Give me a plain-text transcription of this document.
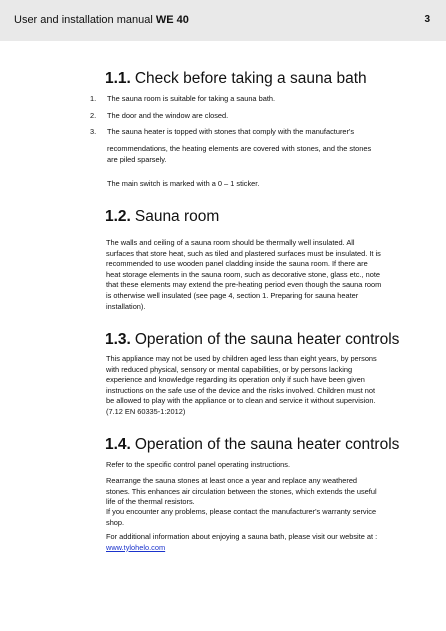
User and installation manual WE 40	3
1.1. Check before taking a sauna bath
1. The sauna room is suitable for taking a sauna bath.
2. The door and the window are closed.
3. The sauna heater is topped with stones that comply with the manufacturer's
recommendations, the heating elements are covered with stones, and the stones
are piled sparsely.
The main switch is marked with a 0 – 1 sticker.
1.2. Sauna room
The walls and ceiling of a sauna room should be thermally well insulated. All
surfaces that store heat, such as tiled and plastered surfaces must be insulated. It is
recommended to use wooden panel cladding inside the sauna room. If there are
heat storage elements in the sauna room, such as decorative stone, glass etc., note
that these elements may extend the pre-heating period even though the sauna room
is otherwise well insulated (see page 4, section 1. Preparing for sauna heater
installation).
1.3. Operation of the sauna heater controls
This appliance may not be used by children aged less than eight years, by persons
with reduced physical, sensory or mental capabilities, or by persons lacking
experience and knowledge regarding its operation only if such have been given
instructions on the safe use of the device and the risks involved. Children must not
be allowed to play with the appliance or to clean and service it without supervision.
(7.12 EN 60335-1:2012)
1.4. Operation of the sauna heater controls
Refer to the specific control panel operating instructions.
Rearrange the sauna stones at least once a year and replace any weathered
stones. This enhances air circulation between the stones, which extends the useful
life of the thermal resistors.
If you encounter any problems, please contact the manufacturer's warranty service
shop.
For additional information about enjoying a sauna bath, please visit our website at :
www.tylohelo.com
